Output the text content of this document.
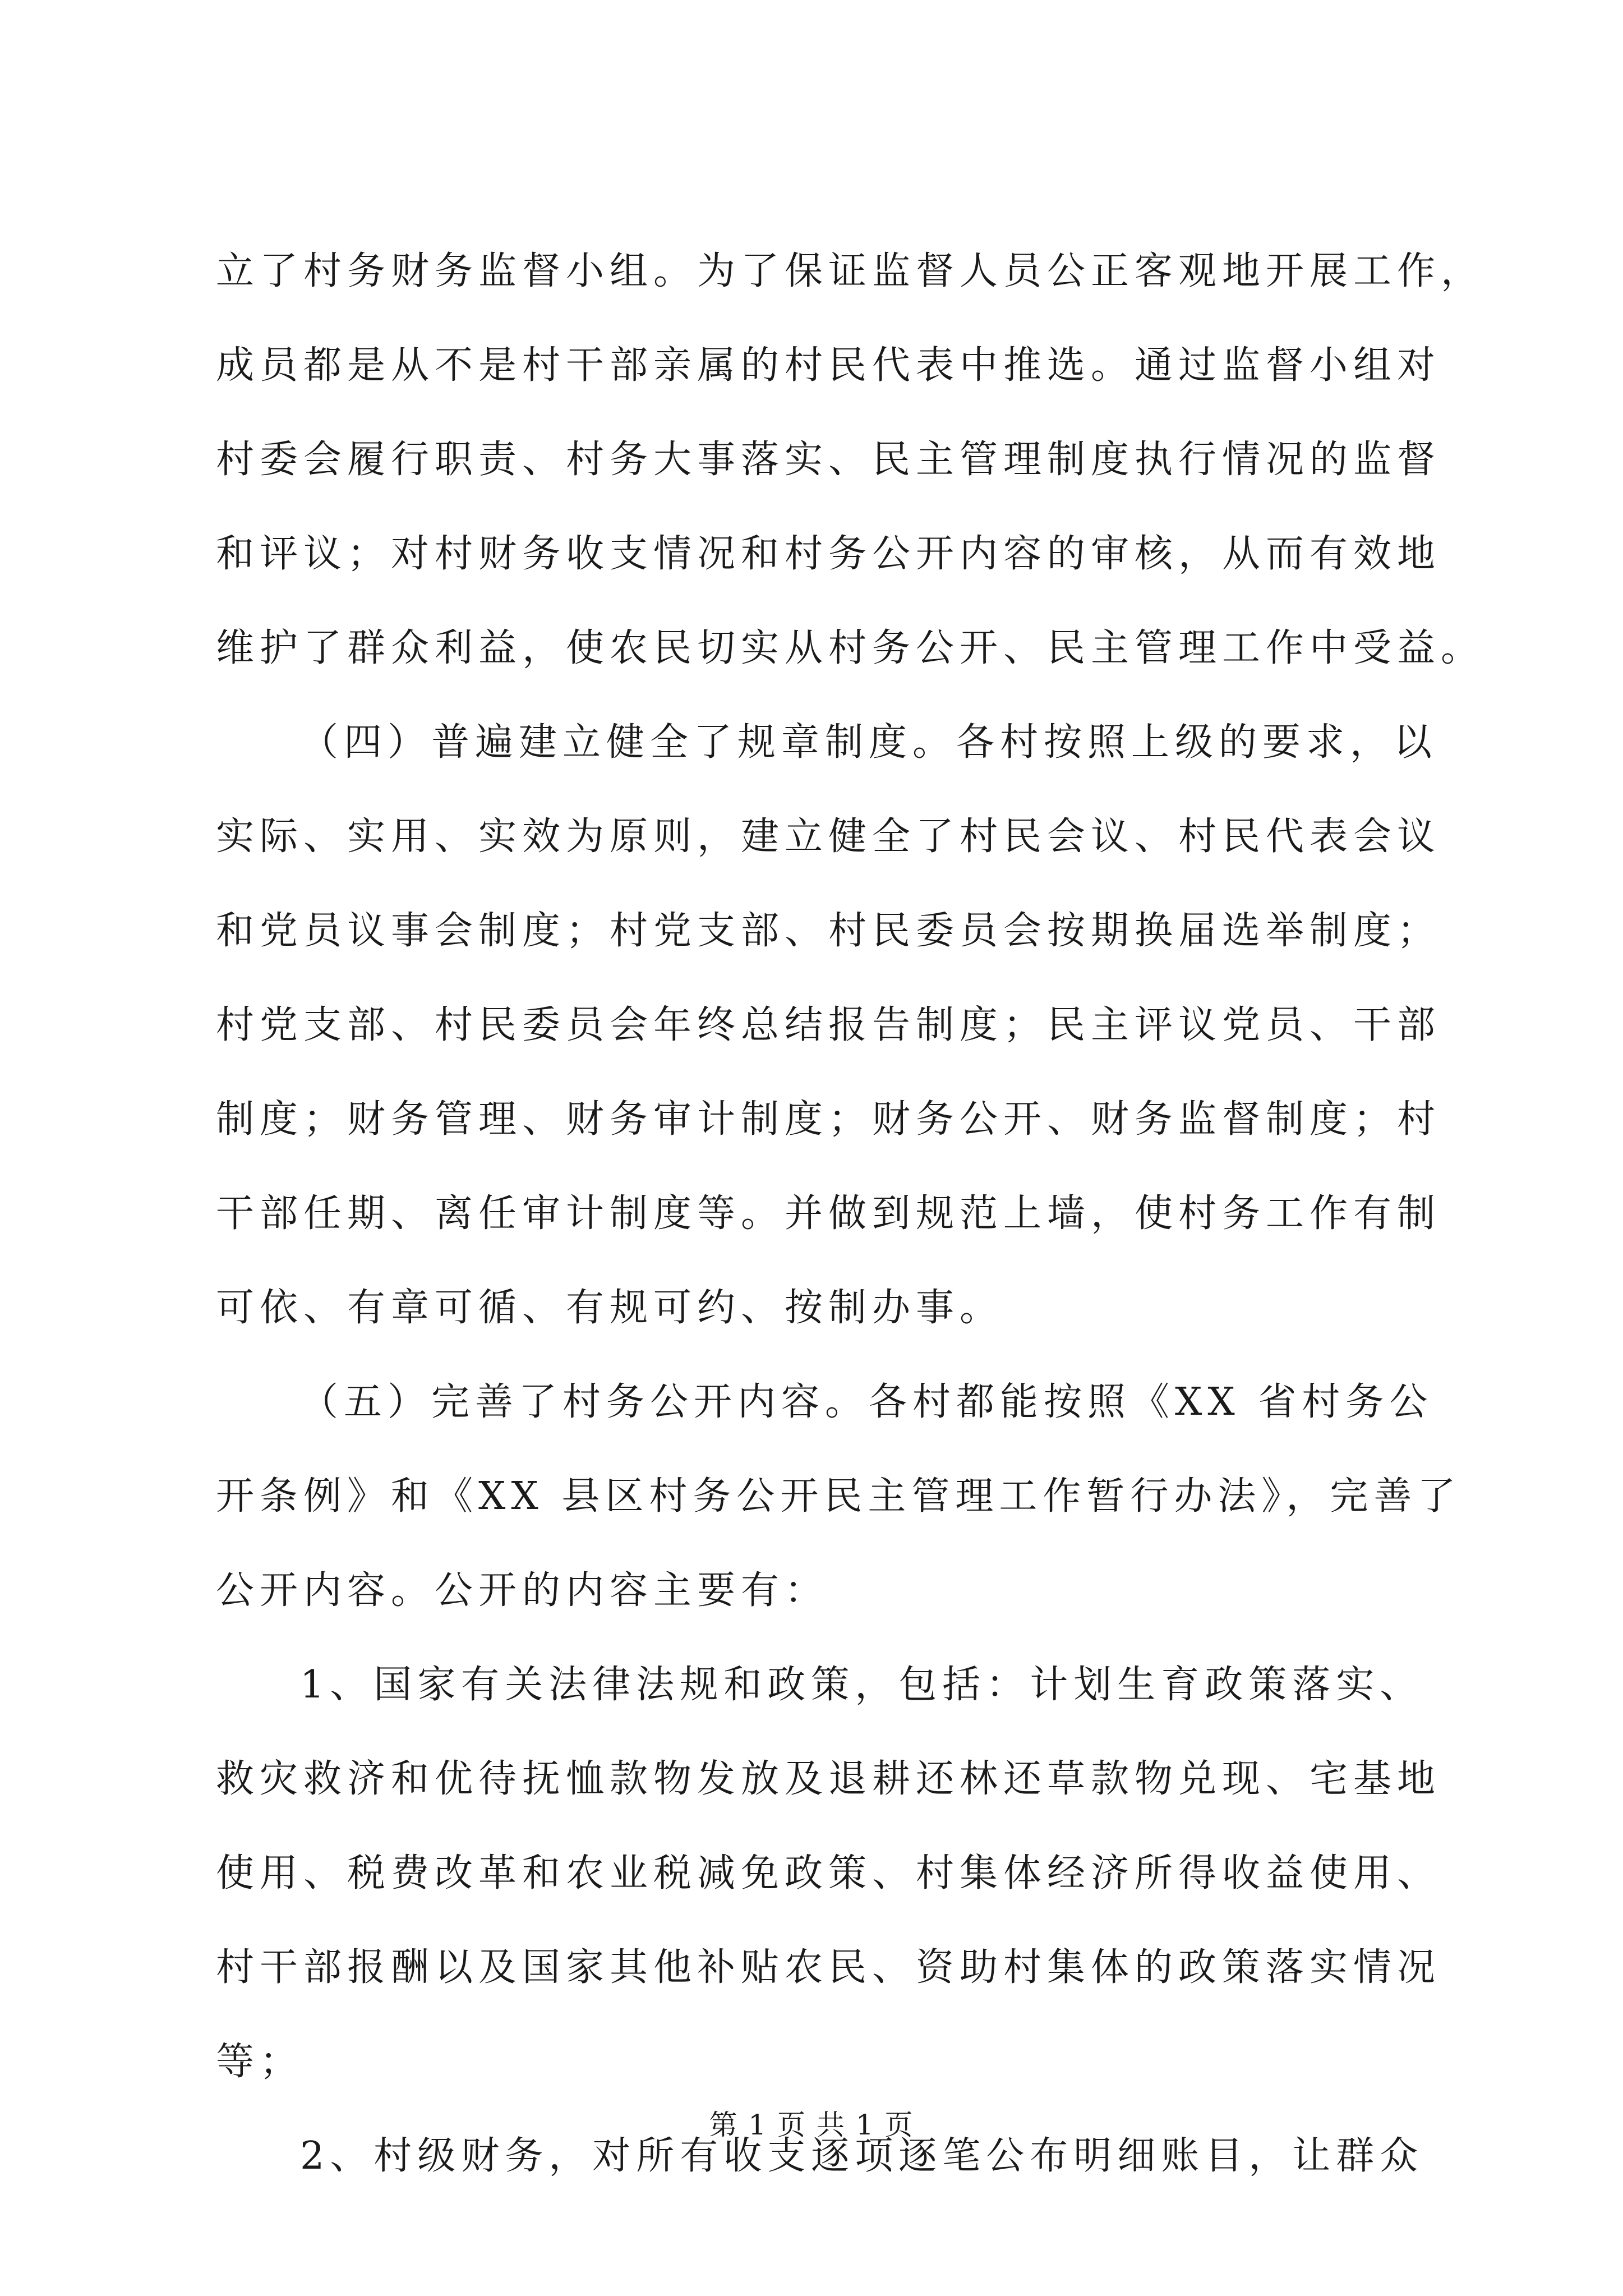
立了村务财务监督小组。为了保证监督人员公正客观地开展工作，
成员都是从不是村干部亲属的村民代表中推选。通过监督小组对
村委会履行职责、村务大事落实、民主管理制度执行情况的监督
和评议；对村财务收支情况和村务公开内容的审核，从而有效地
维护了群众利益，使农民切实从村务公开、民主管理工作中受益。
（四）普遍建立健全了规章制度。各村按照上级的要求，以
实际、实用、实效为原则，建立健全了村民会议、村民代表会议
和党员议事会制度；村党支部、村民委员会按期换届选举制度；
村党支部、村民委员会年终总结报告制度；民主评议党员、干部
制度；财务管理、财务审计制度；财务公开、财务监督制度；村
干部任期、离任审计制度等。并做到规范上墙，使村务工作有制
可依、有章可循、有规可约、按制办事。
（五）完善了村务公开内容。各村都能按照《XX 省村务公
开条例》和《XX 县区村务公开民主管理工作暂行办法》，完善了
公开内容。公开的内容主要有：
1、国家有关法律法规和政策，包括：计划生育政策落实、
救灾救济和优待抚恤款物发放及退耕还林还草款物兑现、宅基地
使用、税费改革和农业税减免政策、村集体经济所得收益使用、
村干部报酬以及国家其他补贴农民、资助村集体的政策落实情况
等；
2、村级财务，对所有收支逐项逐笔公布明细账目，让群众
第 1 页 共 1 页
